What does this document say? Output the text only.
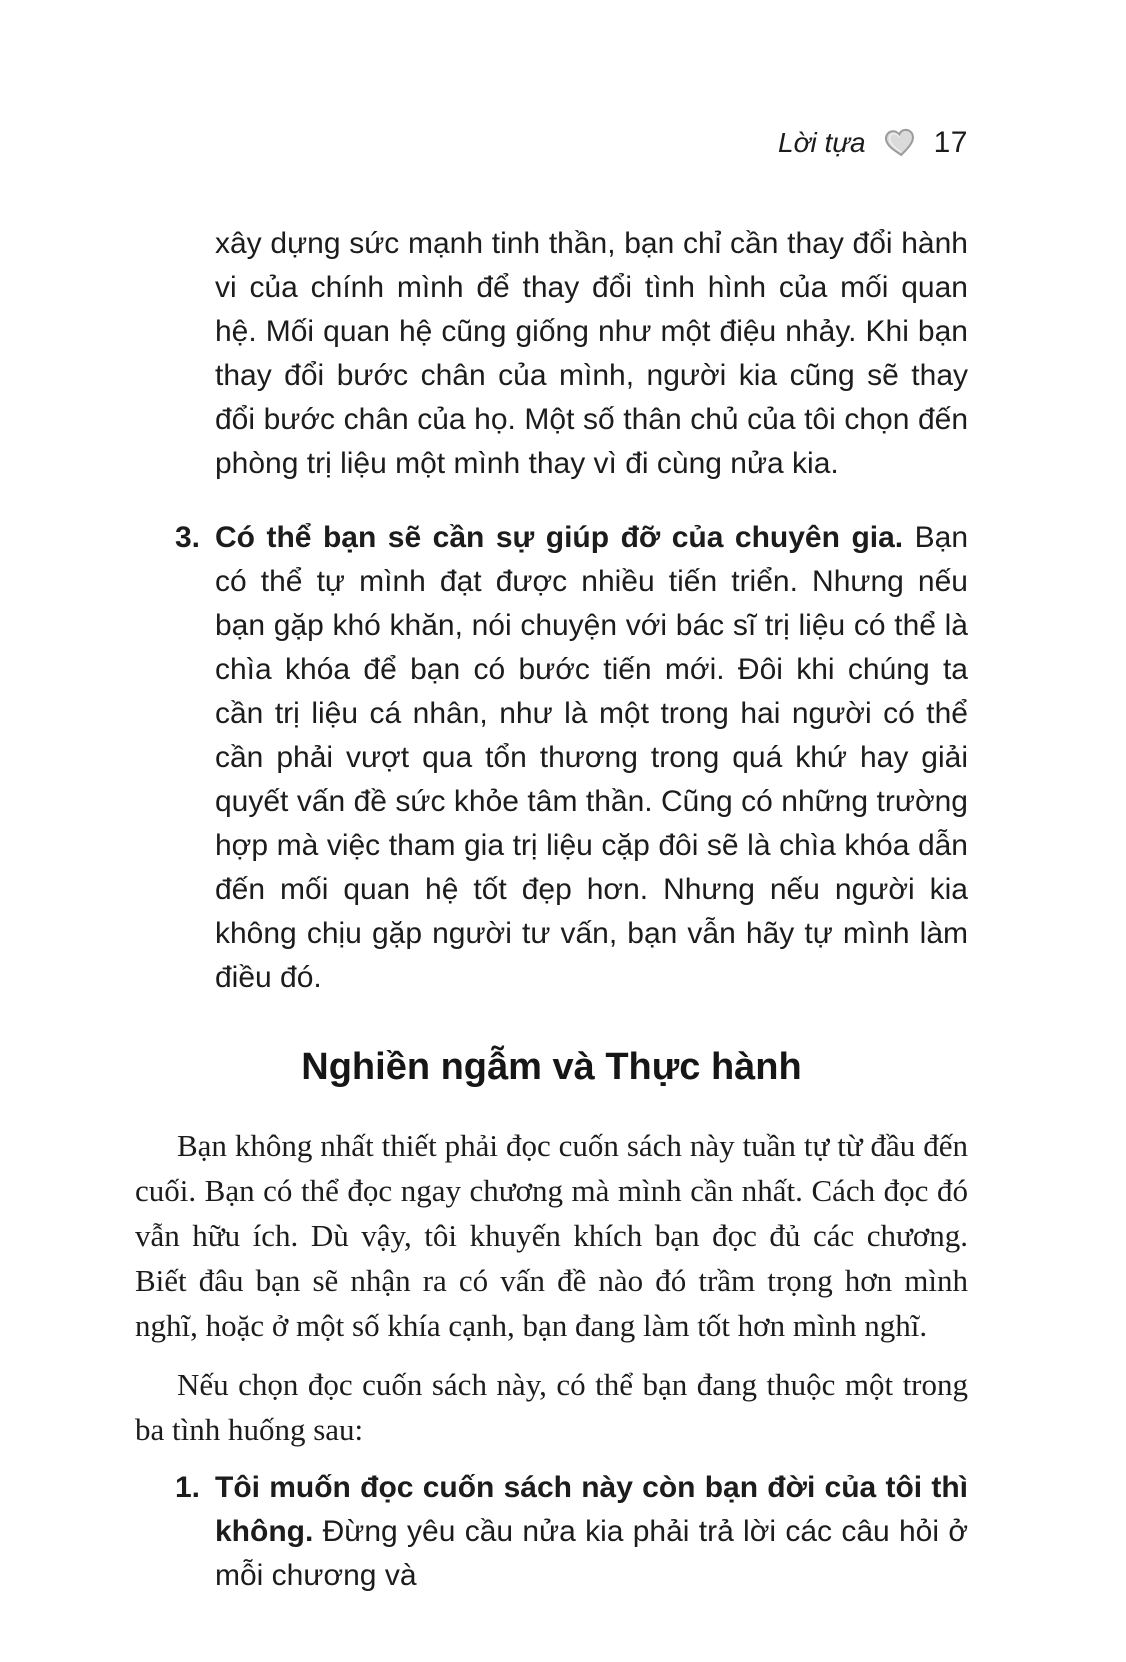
Lời tựa 17

xây dựng sức mạnh tinh thần, bạn chỉ cần thay đổi hành vi của chính mình để thay đổi tình hình của mối quan hệ. Mối quan hệ cũng giống như một điệu nhảy. Khi bạn thay đổi bước chân của mình, người kia cũng sẽ thay đổi bước chân của họ. Một số thân chủ của tôi chọn đến phòng trị liệu một mình thay vì đi cùng nửa kia.

3. Có thể bạn sẽ cần sự giúp đỡ của chuyên gia. Bạn có thể tự mình đạt được nhiều tiến triển. Nhưng nếu bạn gặp khó khăn, nói chuyện với bác sĩ trị liệu có thể là chìa khóa để bạn có bước tiến mới. Đôi khi chúng ta cần trị liệu cá nhân, như là một trong hai người có thể cần phải vượt qua tổn thương trong quá khứ hay giải quyết vấn đề sức khỏe tâm thần. Cũng có những trường hợp mà việc tham gia trị liệu cặp đôi sẽ là chìa khóa dẫn đến mối quan hệ tốt đẹp hơn. Nhưng nếu người kia không chịu gặp người tư vấn, bạn vẫn hãy tự mình làm điều đó.

Nghiền ngẫm và Thực hành

Bạn không nhất thiết phải đọc cuốn sách này tuần tự từ đầu đến cuối. Bạn có thể đọc ngay chương mà mình cần nhất. Cách đọc đó vẫn hữu ích. Dù vậy, tôi khuyến khích bạn đọc đủ các chương. Biết đâu bạn sẽ nhận ra có vấn đề nào đó trầm trọng hơn mình nghĩ, hoặc ở một số khía cạnh, bạn đang làm tốt hơn mình nghĩ.

Nếu chọn đọc cuốn sách này, có thể bạn đang thuộc một trong ba tình huống sau:

1. Tôi muốn đọc cuốn sách này còn bạn đời của tôi thì không. Đừng yêu cầu nửa kia phải trả lời các câu hỏi ở mỗi chương và
